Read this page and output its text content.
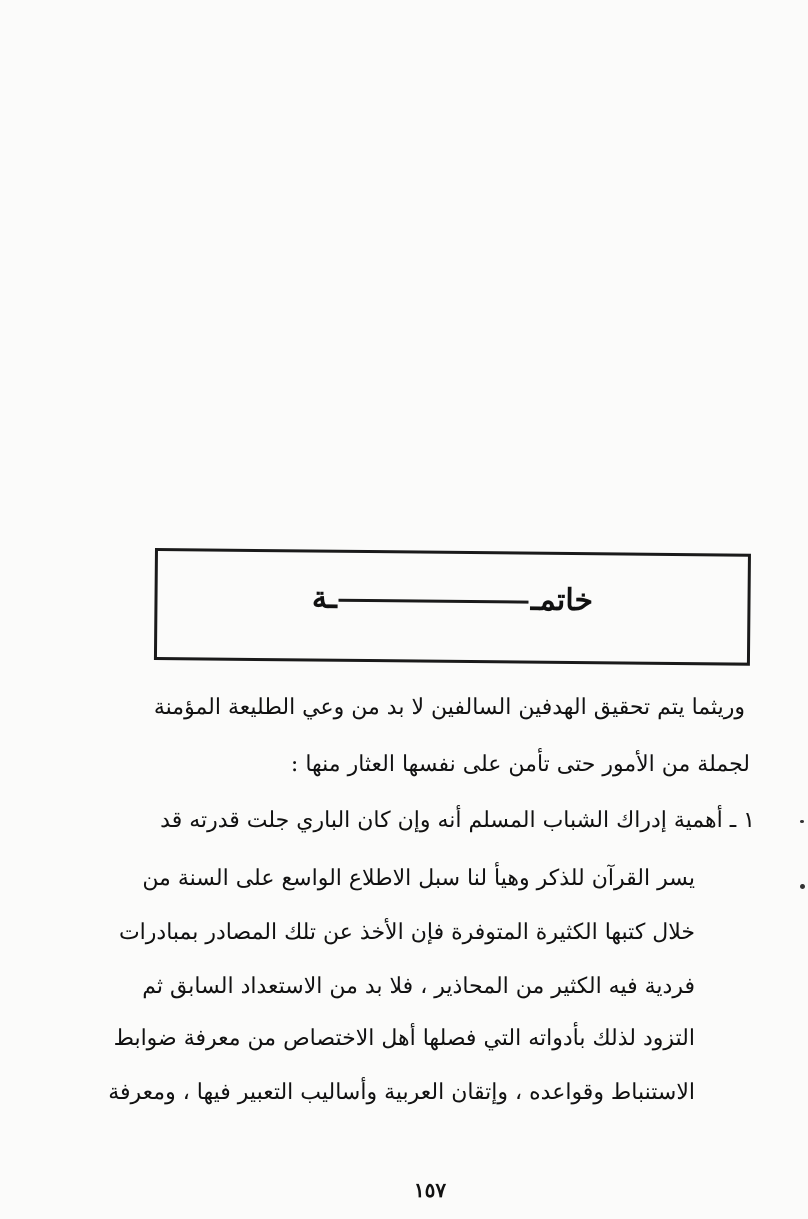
خاتمــة
وريثما يتم تحقيق الهدفين السالفين لا بد من وعي الطليعة المؤمنة
لجملة من الأمور حتى تأمن على نفسها العثار منها :
١ ـ أهمية إدراك الشباب المسلم أنه وإن كان الباري جلت قدرته قد
يسر القرآن للذكر وهيأ لنا سبل الاطلاع الواسع على السنة من
خلال كتبها الكثيرة المتوفرة فإن الأخذ عن تلك المصادر بمبادرات
فردية فيه الكثير من المحاذير ، فلا بد من الاستعداد السابق ثم
التزود لذلك بأدواته التي فصلها أهل الاختصاص من معرفة ضوابط
الاستنباط وقواعده ، وإتقان العربية وأساليب التعبير فيها ، ومعرفة
١٥٧
